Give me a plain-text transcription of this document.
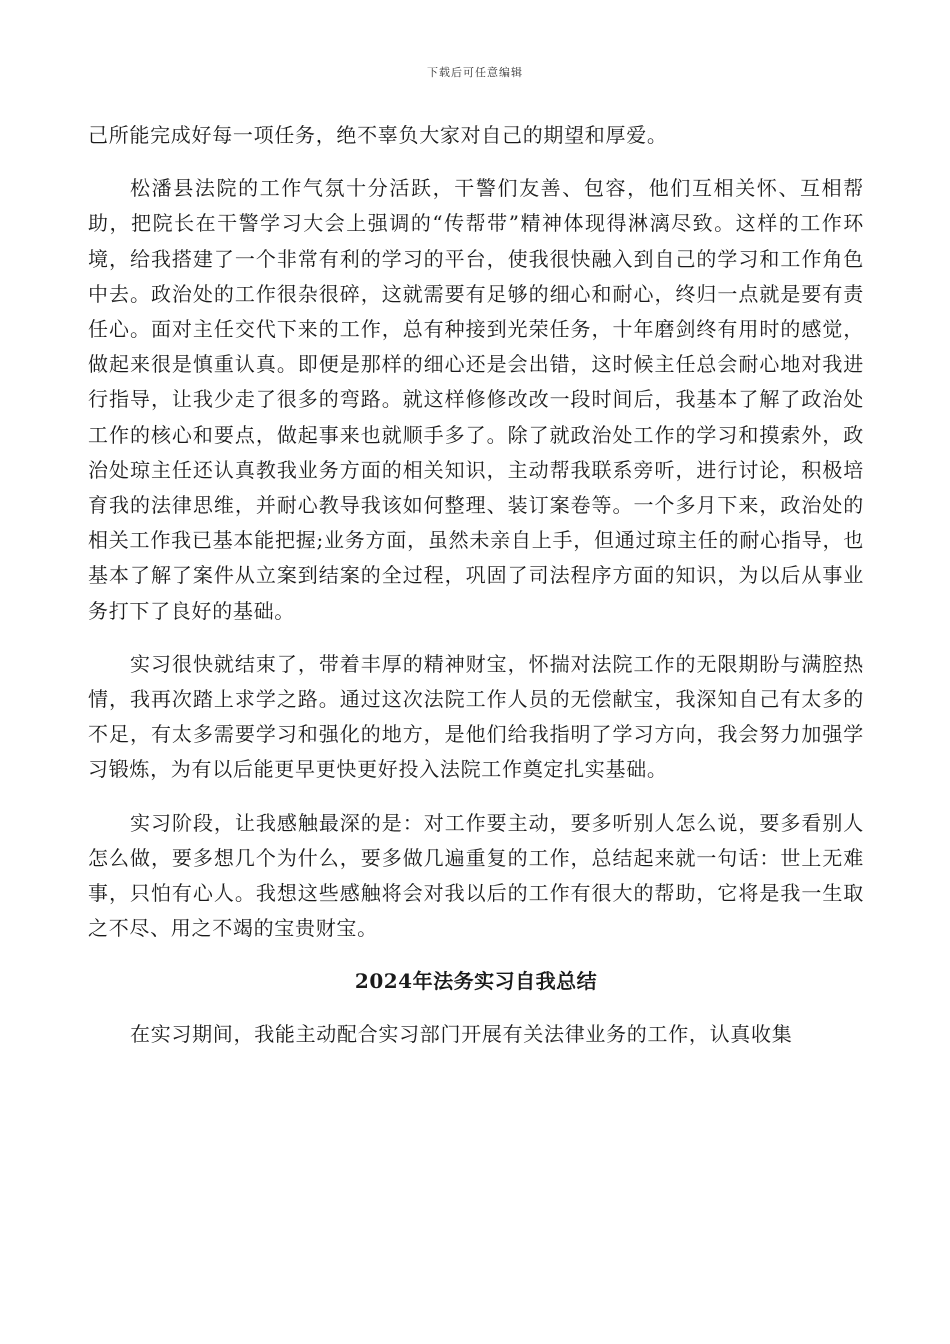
下载后可任意编辑

己所能完成好每一项任务，绝不辜负大家对自己的期望和厚爱。

松潘县法院的工作气氛十分活跃，干警们友善、包容，他们互相关怀、互相帮助，把院长在干警学习大会上强调的“传帮带”精神体现得淋漓尽致。这样的工作环境，给我搭建了一个非常有利的学习的平台，使我很快融入到自己的学习和工作角色中去。政治处的工作很杂很碎，这就需要有足够的细心和耐心，终归一点就是要有责任心。面对主任交代下来的工作，总有种接到光荣任务，十年磨剑终有用时的感觉，做起来很是慎重认真。即便是那样的细心还是会出错，这时候主任总会耐心地对我进行指导，让我少走了很多的弯路。就这样修修改改一段时间后，我基本了解了政治处工作的核心和要点，做起事来也就顺手多了。除了就政治处工作的学习和摸索外，政治处琼主任还认真教我业务方面的相关知识，主动帮我联系旁听，进行讨论，积极培育我的法律思维，并耐心教导我该如何整理、装订案卷等。一个多月下来，政治处的相关工作我已基本能把握;业务方面，虽然未亲自上手，但通过琼主任的耐心指导，也基本了解了案件从立案到结案的全过程，巩固了司法程序方面的知识，为以后从事业务打下了良好的基础。

实习很快就结束了，带着丰厚的精神财宝，怀揣对法院工作的无限期盼与满腔热情，我再次踏上求学之路。通过这次法院工作人员的无偿献宝，我深知自己有太多的不足，有太多需要学习和强化的地方，是他们给我指明了学习方向，我会努力加强学习锻炼，为有以后能更早更快更好投入法院工作奠定扎实基础。

实习阶段，让我感触最深的是：对工作要主动，要多听别人怎么说，要多看别人怎么做，要多想几个为什么，要多做几遍重复的工作，总结起来就一句话：世上无难事，只怕有心人。我想这些感触将会对我以后的工作有很大的帮助，它将是我一生取之不尽、用之不竭的宝贵财宝。

2024年法务实习自我总结

在实习期间，我能主动配合实习部门开展有关法律业务的工作，认真收集
